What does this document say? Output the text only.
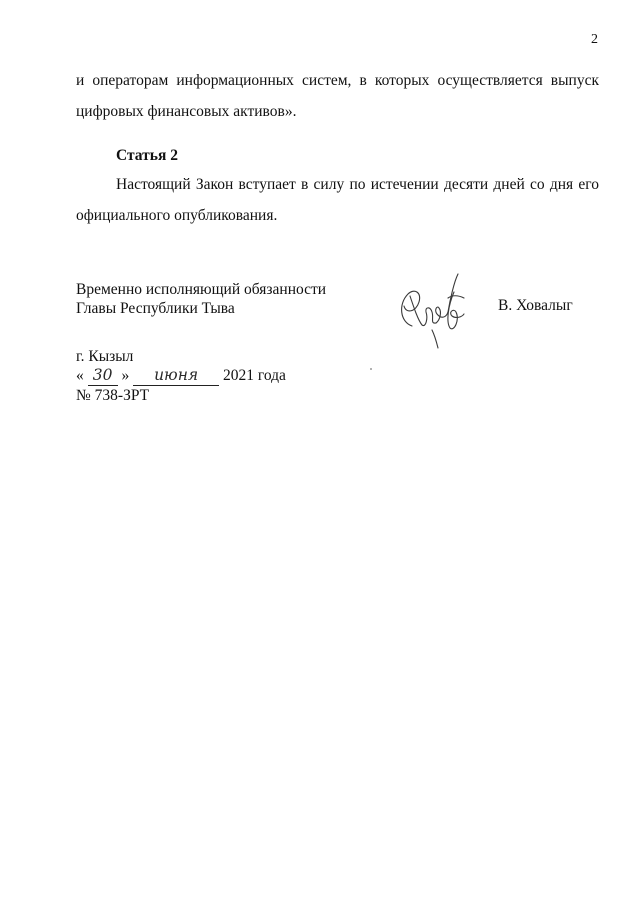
2
и операторам информационных систем, в которых осуществляется выпуск
цифровых финансовых активов».
Статья 2
Настоящий Закон вступает в силу по истечении десяти дней со дня его
официального опубликования.
Временно исполняющий обязанности
Главы Республики Тыва	В. Ховалыг
г. Кызыл
« 30 » июня 2021 года
№ 738-ЗРТ
